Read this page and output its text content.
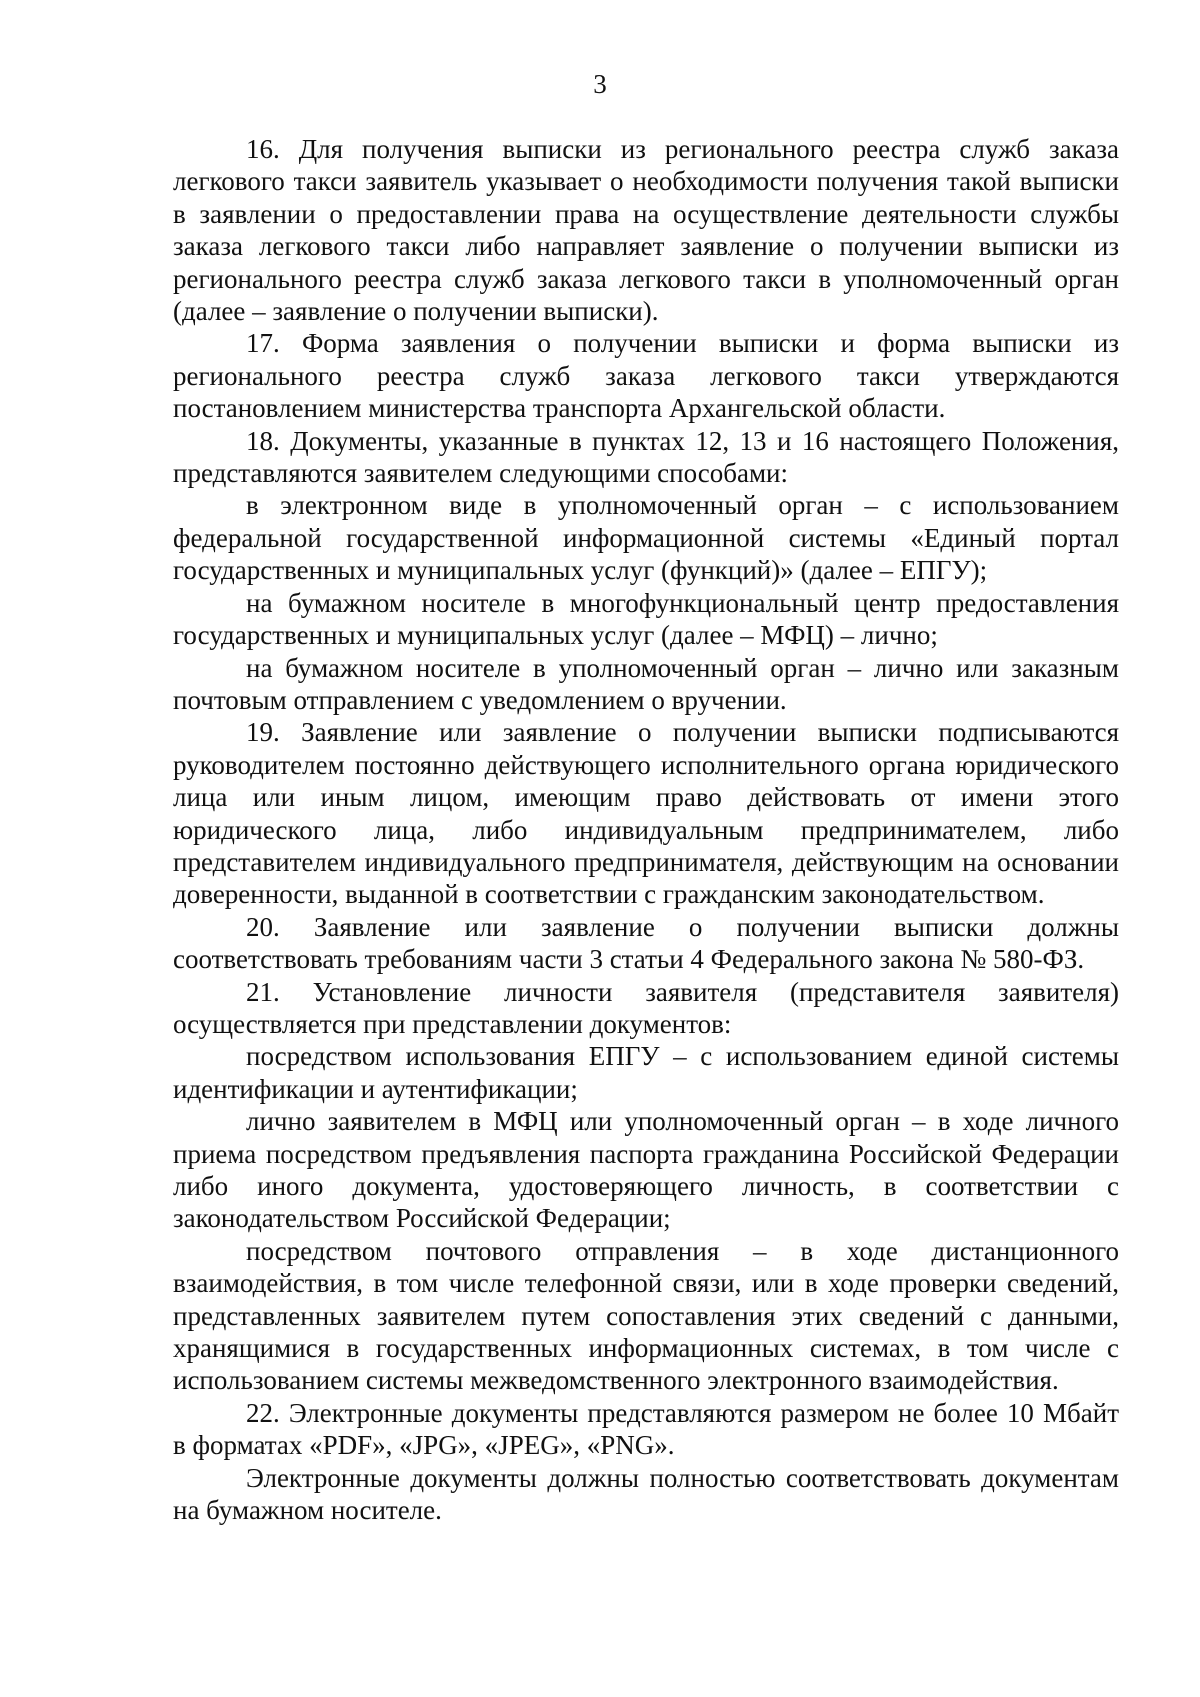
3

16. Для получения выписки из регионального реестра служб заказа легкового такси заявитель указывает о необходимости получения такой выписки в заявлении о предоставлении права на осуществление деятельности службы заказа легкового такси либо направляет заявление о получении выписки из регионального реестра служб заказа легкового такси в уполномоченный орган (далее – заявление о получении выписки).

17. Форма заявления о получении выписки и форма выписки из регионального реестра служб заказа легкового такси утверждаются постановлением министерства транспорта Архангельской области.

18. Документы, указанные в пунктах 12, 13 и 16 настоящего Положения, представляются заявителем следующими способами:

в электронном виде в уполномоченный орган – с использованием федеральной государственной информационной системы «Единый портал государственных и муниципальных услуг (функций)» (далее – ЕПГУ);

на бумажном носителе в многофункциональный центр предоставления государственных и муниципальных услуг (далее – МФЦ) – лично;

на бумажном носителе в уполномоченный орган – лично или заказным почтовым отправлением с уведомлением о вручении.

19. Заявление или заявление о получении выписки подписываются руководителем постоянно действующего исполнительного органа юридического лица или иным лицом, имеющим право действовать от имени этого юридического лица, либо индивидуальным предпринимателем, либо представителем индивидуального предпринимателя, действующим на основании доверенности, выданной в соответствии с гражданским законодательством.

20. Заявление или заявление о получении выписки должны соответствовать требованиям части 3 статьи 4 Федерального закона № 580-ФЗ.

21. Установление личности заявителя (представителя заявителя) осуществляется при представлении документов:

посредством использования ЕПГУ – с использованием единой системы идентификации и аутентификации;

лично заявителем в МФЦ или уполномоченный орган – в ходе личного приема посредством предъявления паспорта гражданина Российской Федерации либо иного документа, удостоверяющего личность, в соответствии с законодательством Российской Федерации;

посредством почтового отправления – в ходе дистанционного взаимодействия, в том числе телефонной связи, или в ходе проверки сведений, представленных заявителем путем сопоставления этих сведений с данными, хранящимися в государственных информационных системах, в том числе с использованием системы межведомственного электронного взаимодействия.

22. Электронные документы представляются размером не более 10 Мбайт в форматах «PDF», «JPG», «JPEG», «PNG».

Электронные документы должны полностью соответствовать документам на бумажном носителе.
